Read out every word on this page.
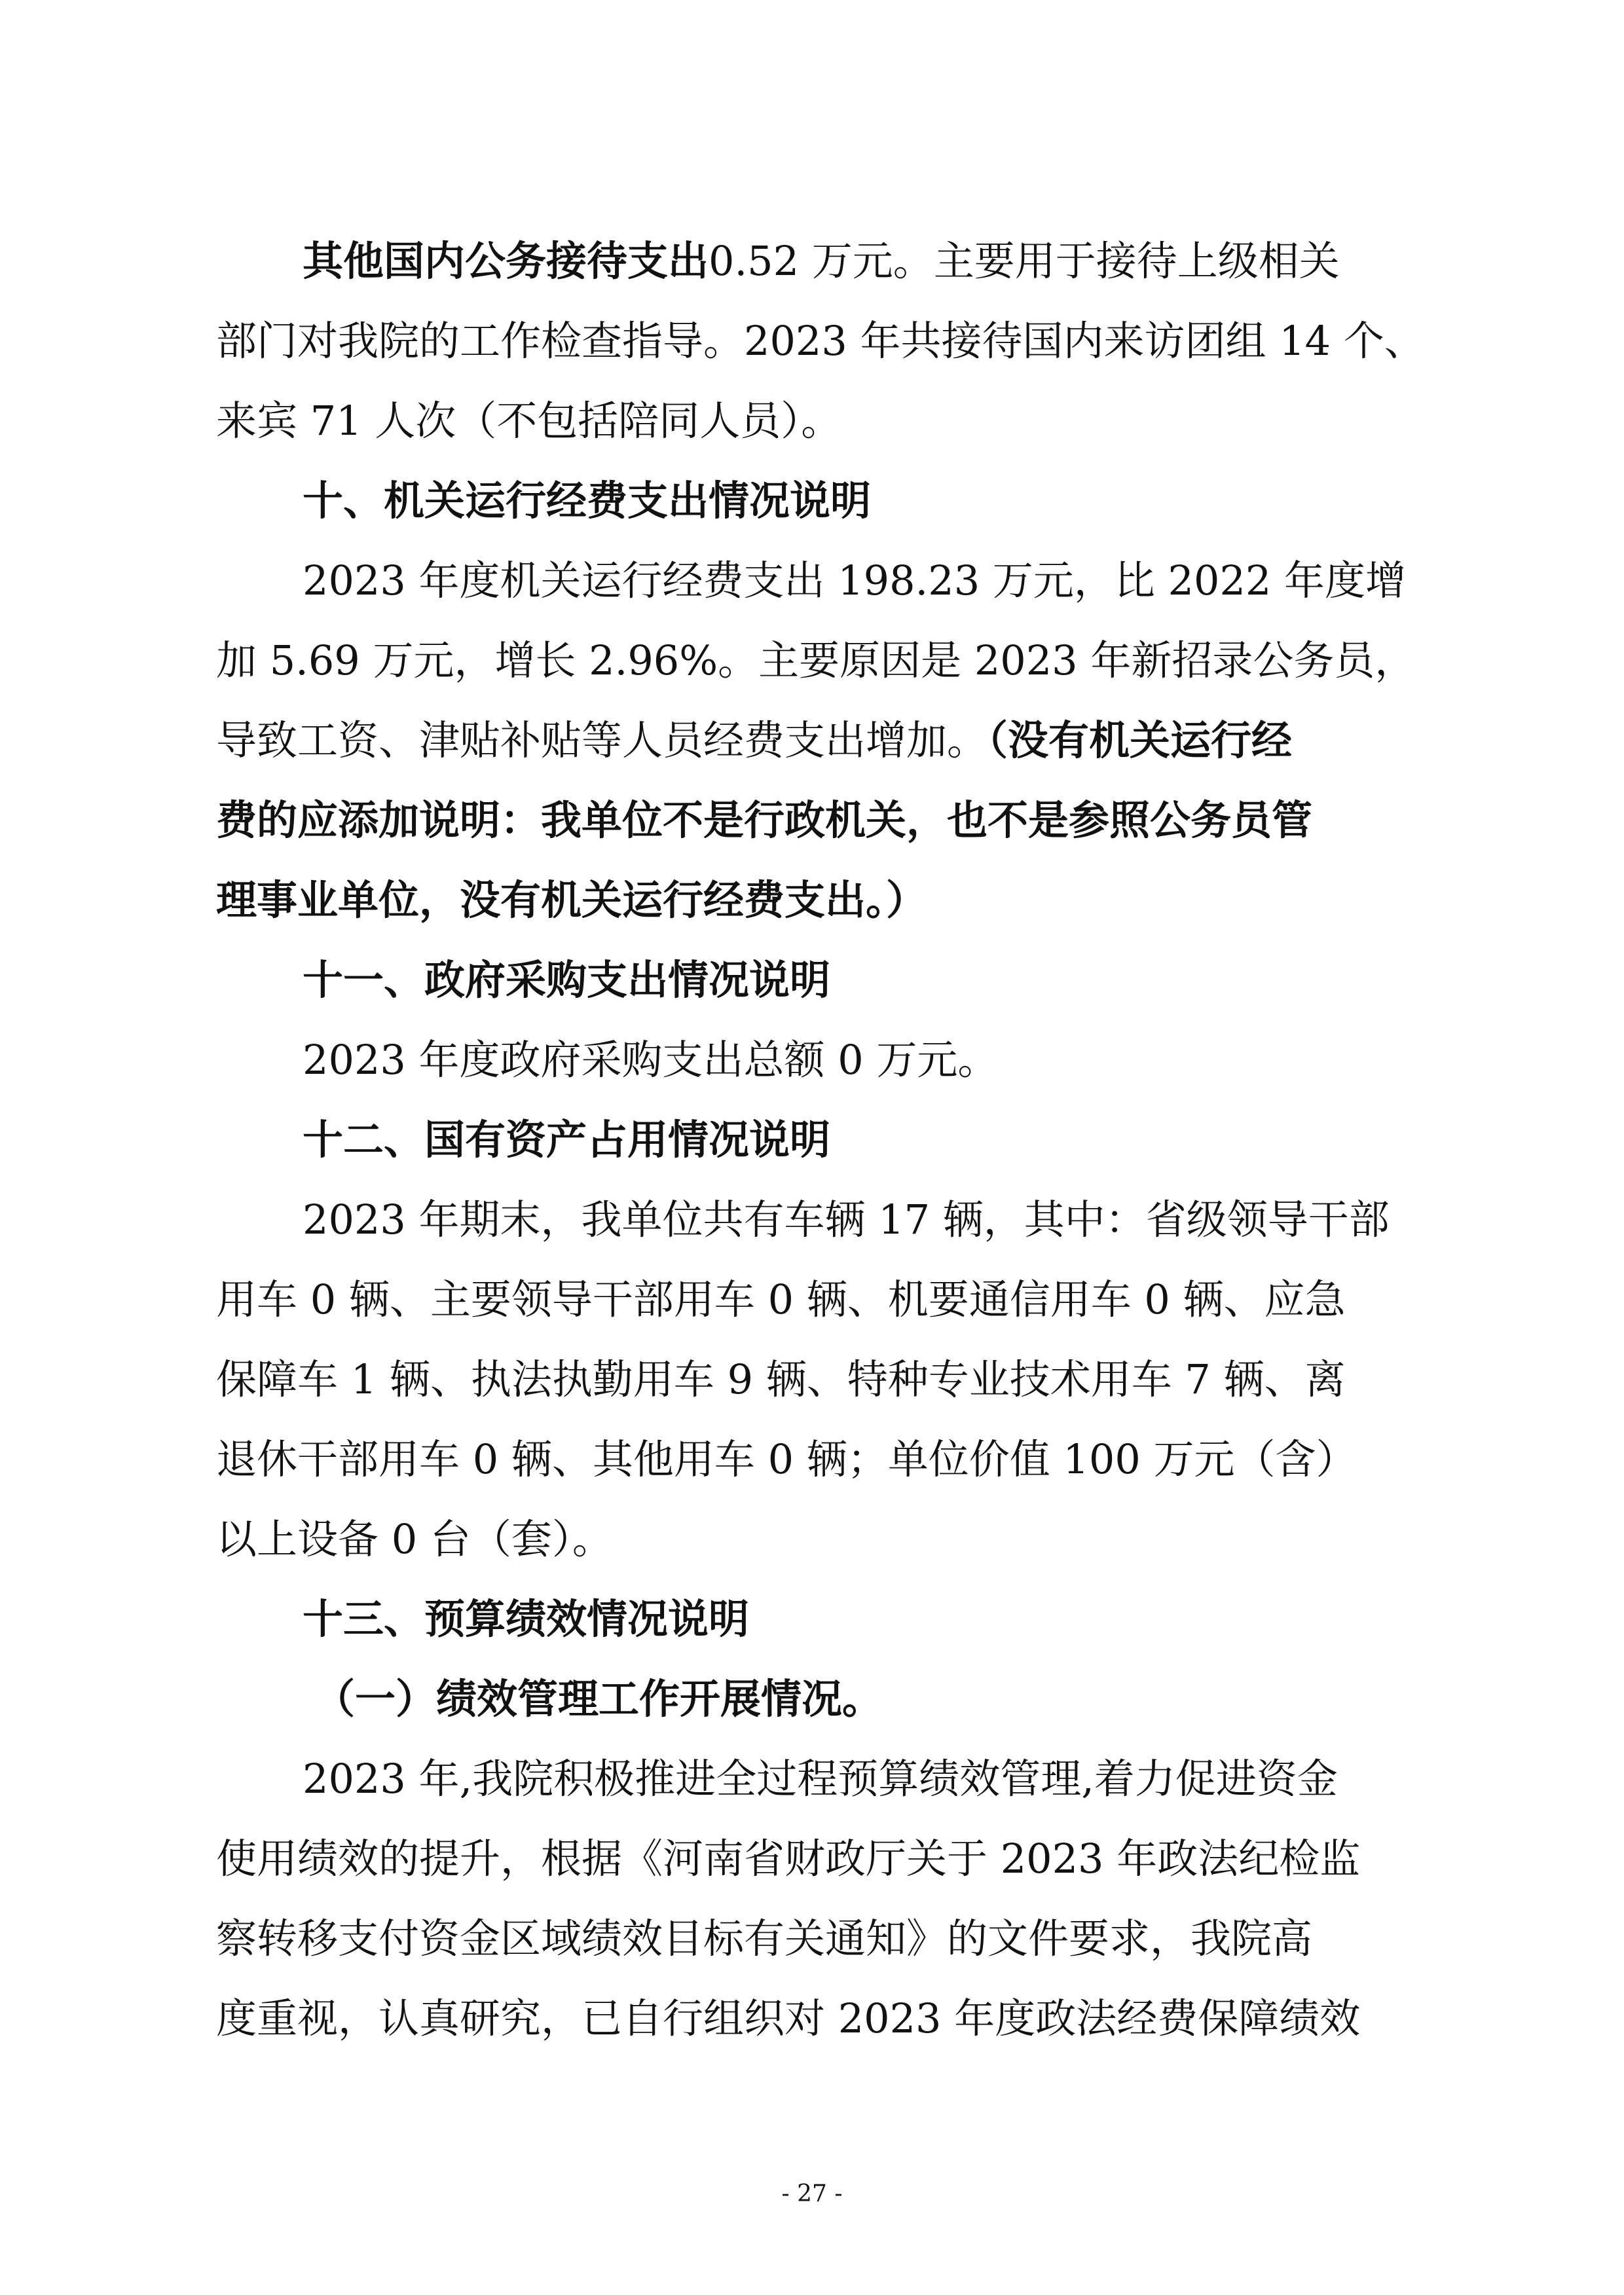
其他国内公务接待支出0.52 万元。主要用于接待上级相关
部门对我院的工作检查指导。2023 年共接待国内来访团组 14 个、
来宾 71 人次（不包括陪同人员）。
十、机关运行经费支出情况说明
2023 年度机关运行经费支出 198.23 万元，比 2022 年度增
加 5.69 万元，增长 2.96%。主要原因是 2023 年新招录公务员，
导致工资、津贴补贴等人员经费支出增加。（没有机关运行经
费的应添加说明：我单位不是行政机关，也不是参照公务员管
理事业单位，没有机关运行经费支出。）
十一、政府采购支出情况说明
2023 年度政府采购支出总额 0 万元。
十二、国有资产占用情况说明
2023 年期末，我单位共有车辆 17 辆，其中：省级领导干部
用车 0 辆、主要领导干部用车 0 辆、机要通信用车 0 辆、应急
保障车 1 辆、执法执勤用车 9 辆、特种专业技术用车 7 辆、离
退休干部用车 0 辆、其他用车 0 辆；单位价值 100 万元（含）
以上设备 0 台（套）。
十三、预算绩效情况说明
（一）绩效管理工作开展情况。
2023 年,我院积极推进全过程预算绩效管理,着力促进资金
使用绩效的提升，根据《河南省财政厅关于 2023 年政法纪检监
察转移支付资金区域绩效目标有关通知》的文件要求，我院高
度重视，认真研究，已自行组织对 2023 年度政法经费保障绩效
- 27 -
